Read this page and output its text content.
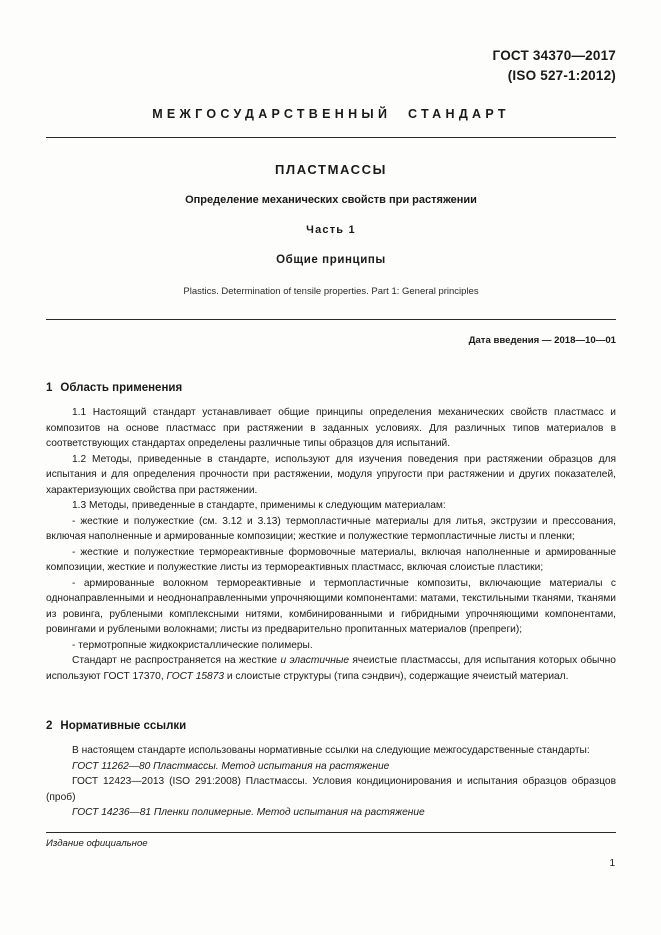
ГОСТ 34370—2017
(ISO 527-1:2012)
МЕЖГОСУДАРСТВЕННЫЙ СТАНДАРТ
ПЛАСТМАССЫ
Определение механических свойств при растяжении
Часть 1
Общие принципы
Plastics. Determination of tensile properties. Part 1: General principles
Дата введения — 2018—10—01
1 Область применения

1.1 Настоящий стандарт устанавливает общие принципы определения механических свойств пластмасс и композитов на основе пластмасс при растяжении в заданных условиях. Для различных типов материалов в соответствующих стандартах определены различные типы образцов для испытаний.

1.2 Методы, приведенные в стандарте, используют для изучения поведения при растяжении образцов для испытания и для определения прочности при растяжении, модуля упругости при растяжении и других показателей, характеризующих свойства при растяжении.

1.3 Методы, приведенные в стандарте, применимы к следующим материалам:

- жесткие и полужесткие (см. 3.12 и 3.13) термопластичные материалы для литья, экструзии и прессования, включая наполненные и армированные композиции; жесткие и полужесткие термопластичные листы и пленки;

- жесткие и полужесткие термореактивные формовочные материалы, включая наполненные и армированные композиции, жесткие и полужесткие листы из термореактивных пластмасс, включая слоистые пластики;

- армированные волокном термореактивные и термопластичные композиты, включающие материалы с однонаправленными и неоднонаправленными упрочняющими компонентами: матами, текстильными тканями, тканями из ровинга, рублеными комплексными нитями, комбинированными и гибридными упрочняющими компонентами, ровингами и рублеными волокнами; листы из предварительно пропитанных материалов (препреги);

- термотропные жидкокристаллические полимеры.

Стандарт не распространяется на жесткие и эластичные ячеистые пластмассы, для испытания которых обычно используют ГОСТ 17370, ГОСТ 15873 и слоистые структуры (типа сэндвич), содержащие ячеистый материал.

2 Нормативные ссылки

В настоящем стандарте использованы нормативные ссылки на следующие межгосударственные стандарты:

ГОСТ 11262—80 Пластмассы. Метод испытания на растяжение

ГОСТ 12423—2013 (ISO 291:2008) Пластмассы. Условия кондиционирования и испытания образцов образцов (проб)

ГОСТ 14236—81 Пленки полимерные. Метод испытания на растяжение

Издание официальное
1
